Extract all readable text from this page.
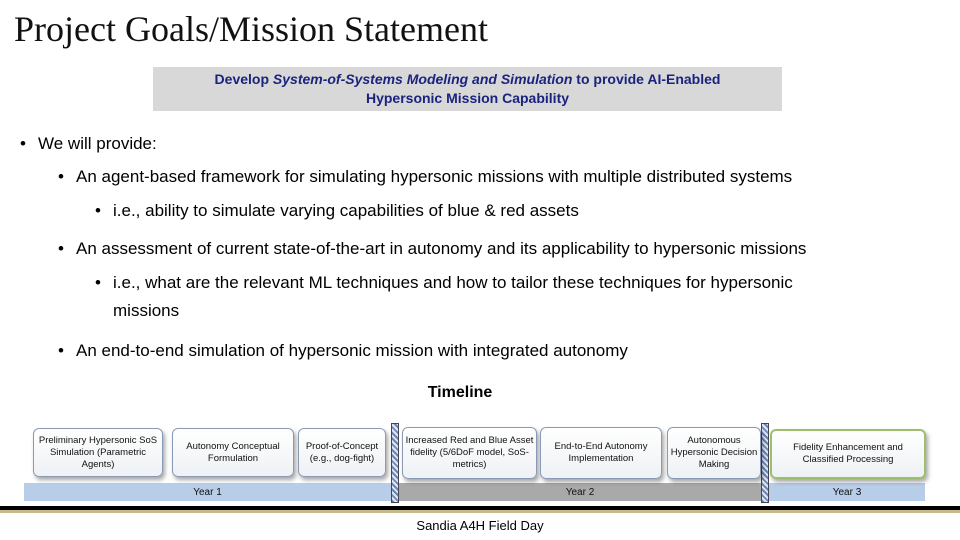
Project Goals/Mission Statement
Develop System-of-Systems Modeling and Simulation to provide AI-Enabled
Hypersonic Mission Capability
• We will provide:
• An agent-based framework for simulating hypersonic missions with multiple distributed systems
• i.e., ability to simulate varying capabilities of blue & red assets
• An assessment of current state-of-the-art in autonomy and its applicability to hypersonic missions
• i.e., what are the relevant ML techniques and how to tailor these techniques for hypersonic
missions
• An end-to-end simulation of hypersonic mission with integrated autonomy
Timeline
Year 1	Year 2	Year 3
Preliminary Hypersonic SoS Simulation (Parametric Agents)
Autonomy Conceptual Formulation
Proof-of-Concept (e.g., dog-fight)
Increased Red and Blue Asset fidelity (5/6DoF model, SoS-metrics)
End-to-End Autonomy Implementation
Autonomous Hypersonic Decision Making
Fidelity Enhancement and Classified Processing
Sandia A4H Field Day
